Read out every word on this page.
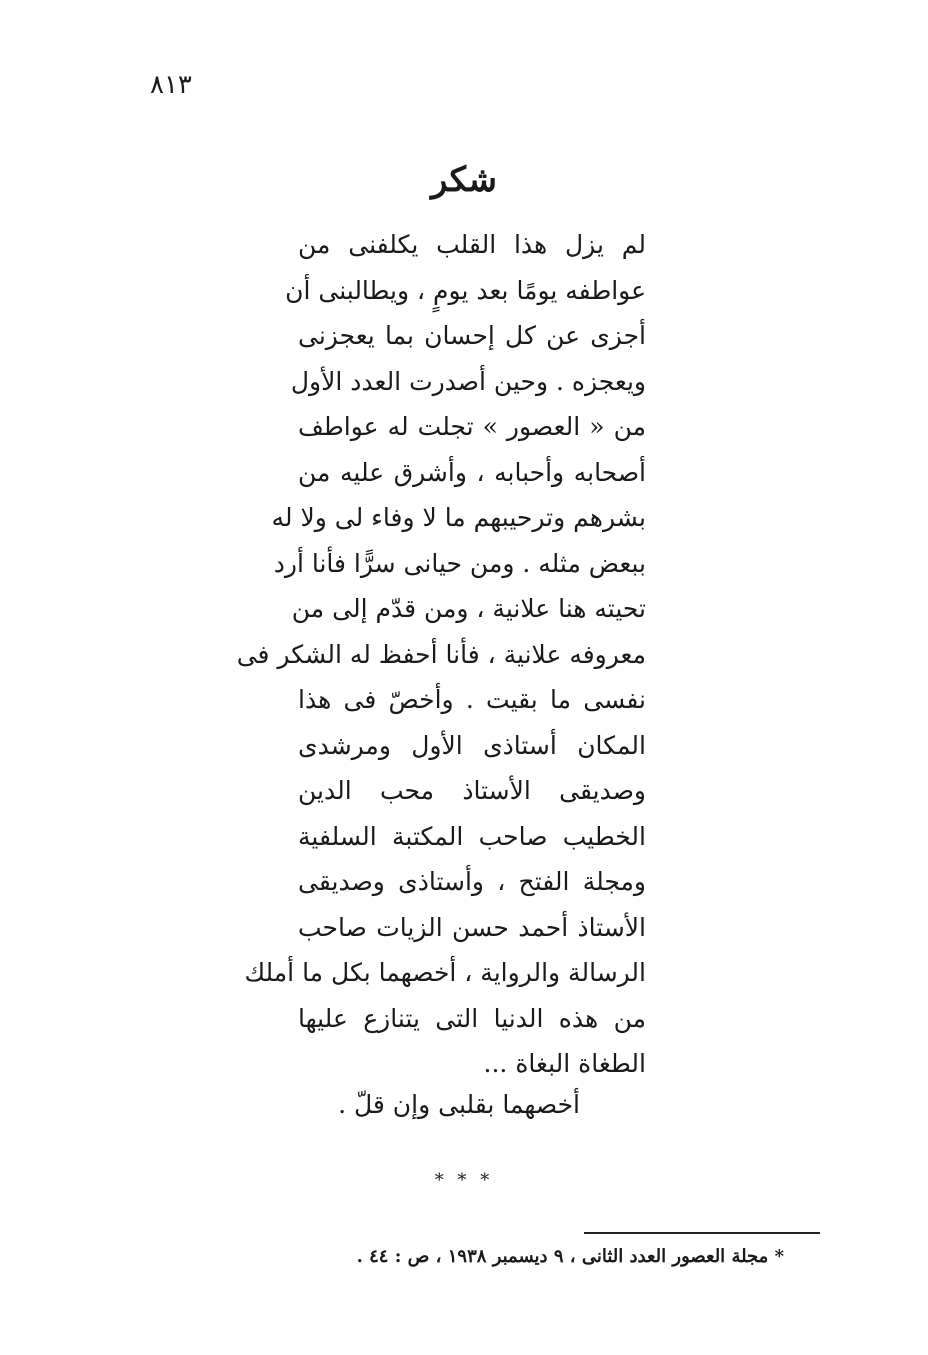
٨١٣
شكر
لم يزل هذا القلب يكلفنى من
عواطفه يومًا بعد يومٍ ، ويطالبنى أن
أجزى عن كل إحسان بما يعجزنى
ويعجزه . وحين أصدرت العدد الأول
من « العصور » تجلت له عواطف
أصحابه وأحبابه ، وأشرق عليه من
بشرهم وترحيبهم ما لا وفاء لى ولا له
ببعض مثله . ومن حيانى سرًّا فأنا أرد
تحيته هنا علانية ، ومن قدّم إلى من
معروفه علانية ، فأنا أحفظ له الشكر فى
نفسى ما بقيت . وأخصّ فى هذا
المكان أستاذى الأول ومرشدى
وصديقى الأستاذ محب الدين
الخطيب صاحب المكتبة السلفية
ومجلة الفتح ، وأستاذى وصديقى
الأستاذ أحمد حسن الزيات صاحب
الرسالة والرواية ، أخصهما بكل ما أملك
من هذه الدنيا التى يتنازع عليها
الطغاة البغاة ...
أخصهما بقلبى وإن قلّ .
* * *
* مجلة العصور العدد الثانى ، ٩ ديسمبر ١٩٣٨ ، ص : ٤٤ .
